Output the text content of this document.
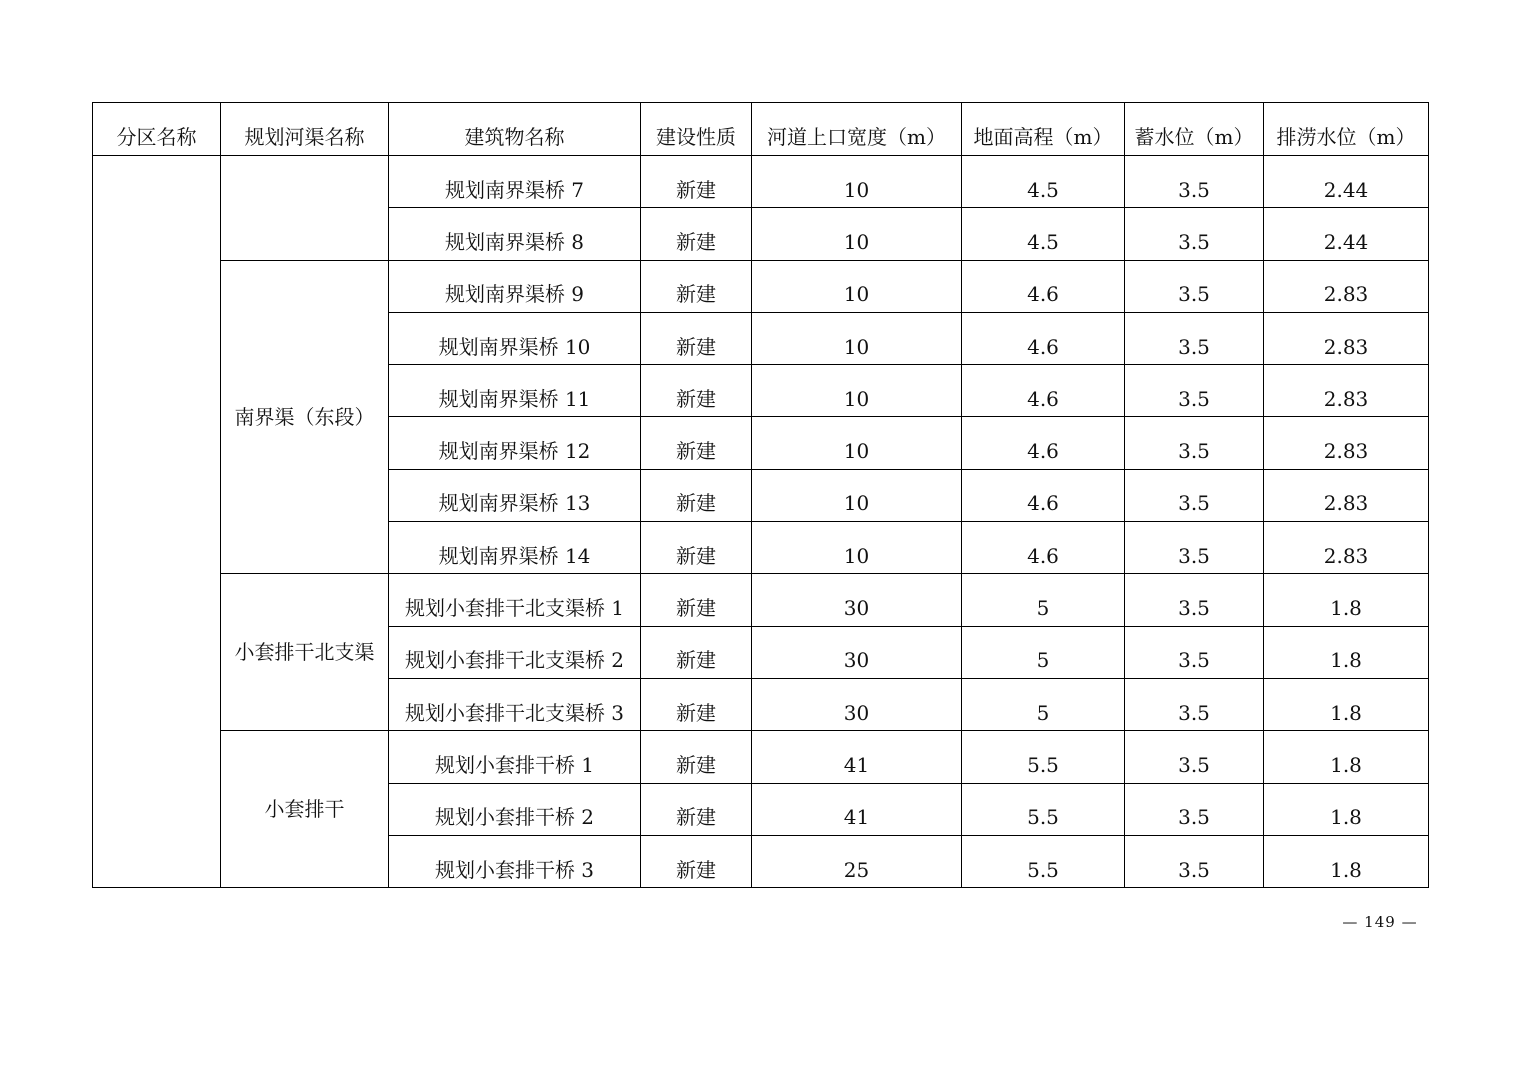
分区名称	规划河渠名称	建筑物名称	建设性质	河道上口宽度（m）	地面高程（m）	蓄水位（m）	排涝水位（m）
		规划南界渠桥 7	新建	10	4.5	3.5	2.44
		规划南界渠桥 8	新建	10	4.5	3.5	2.44
	南界渠（东段）	规划南界渠桥 9	新建	10	4.6	3.5	2.83
		规划南界渠桥 10	新建	10	4.6	3.5	2.83
		规划南界渠桥 11	新建	10	4.6	3.5	2.83
		规划南界渠桥 12	新建	10	4.6	3.5	2.83
		规划南界渠桥 13	新建	10	4.6	3.5	2.83
		规划南界渠桥 14	新建	10	4.6	3.5	2.83
	小套排干北支渠	规划小套排干北支渠桥 1	新建	30	5	3.5	1.8
		规划小套排干北支渠桥 2	新建	30	5	3.5	1.8
		规划小套排干北支渠桥 3	新建	30	5	3.5	1.8
	小套排干	规划小套排干桥 1	新建	41	5.5	3.5	1.8
		规划小套排干桥 2	新建	41	5.5	3.5	1.8
		规划小套排干桥 3	新建	25	5.5	3.5	1.8
— 149 —
